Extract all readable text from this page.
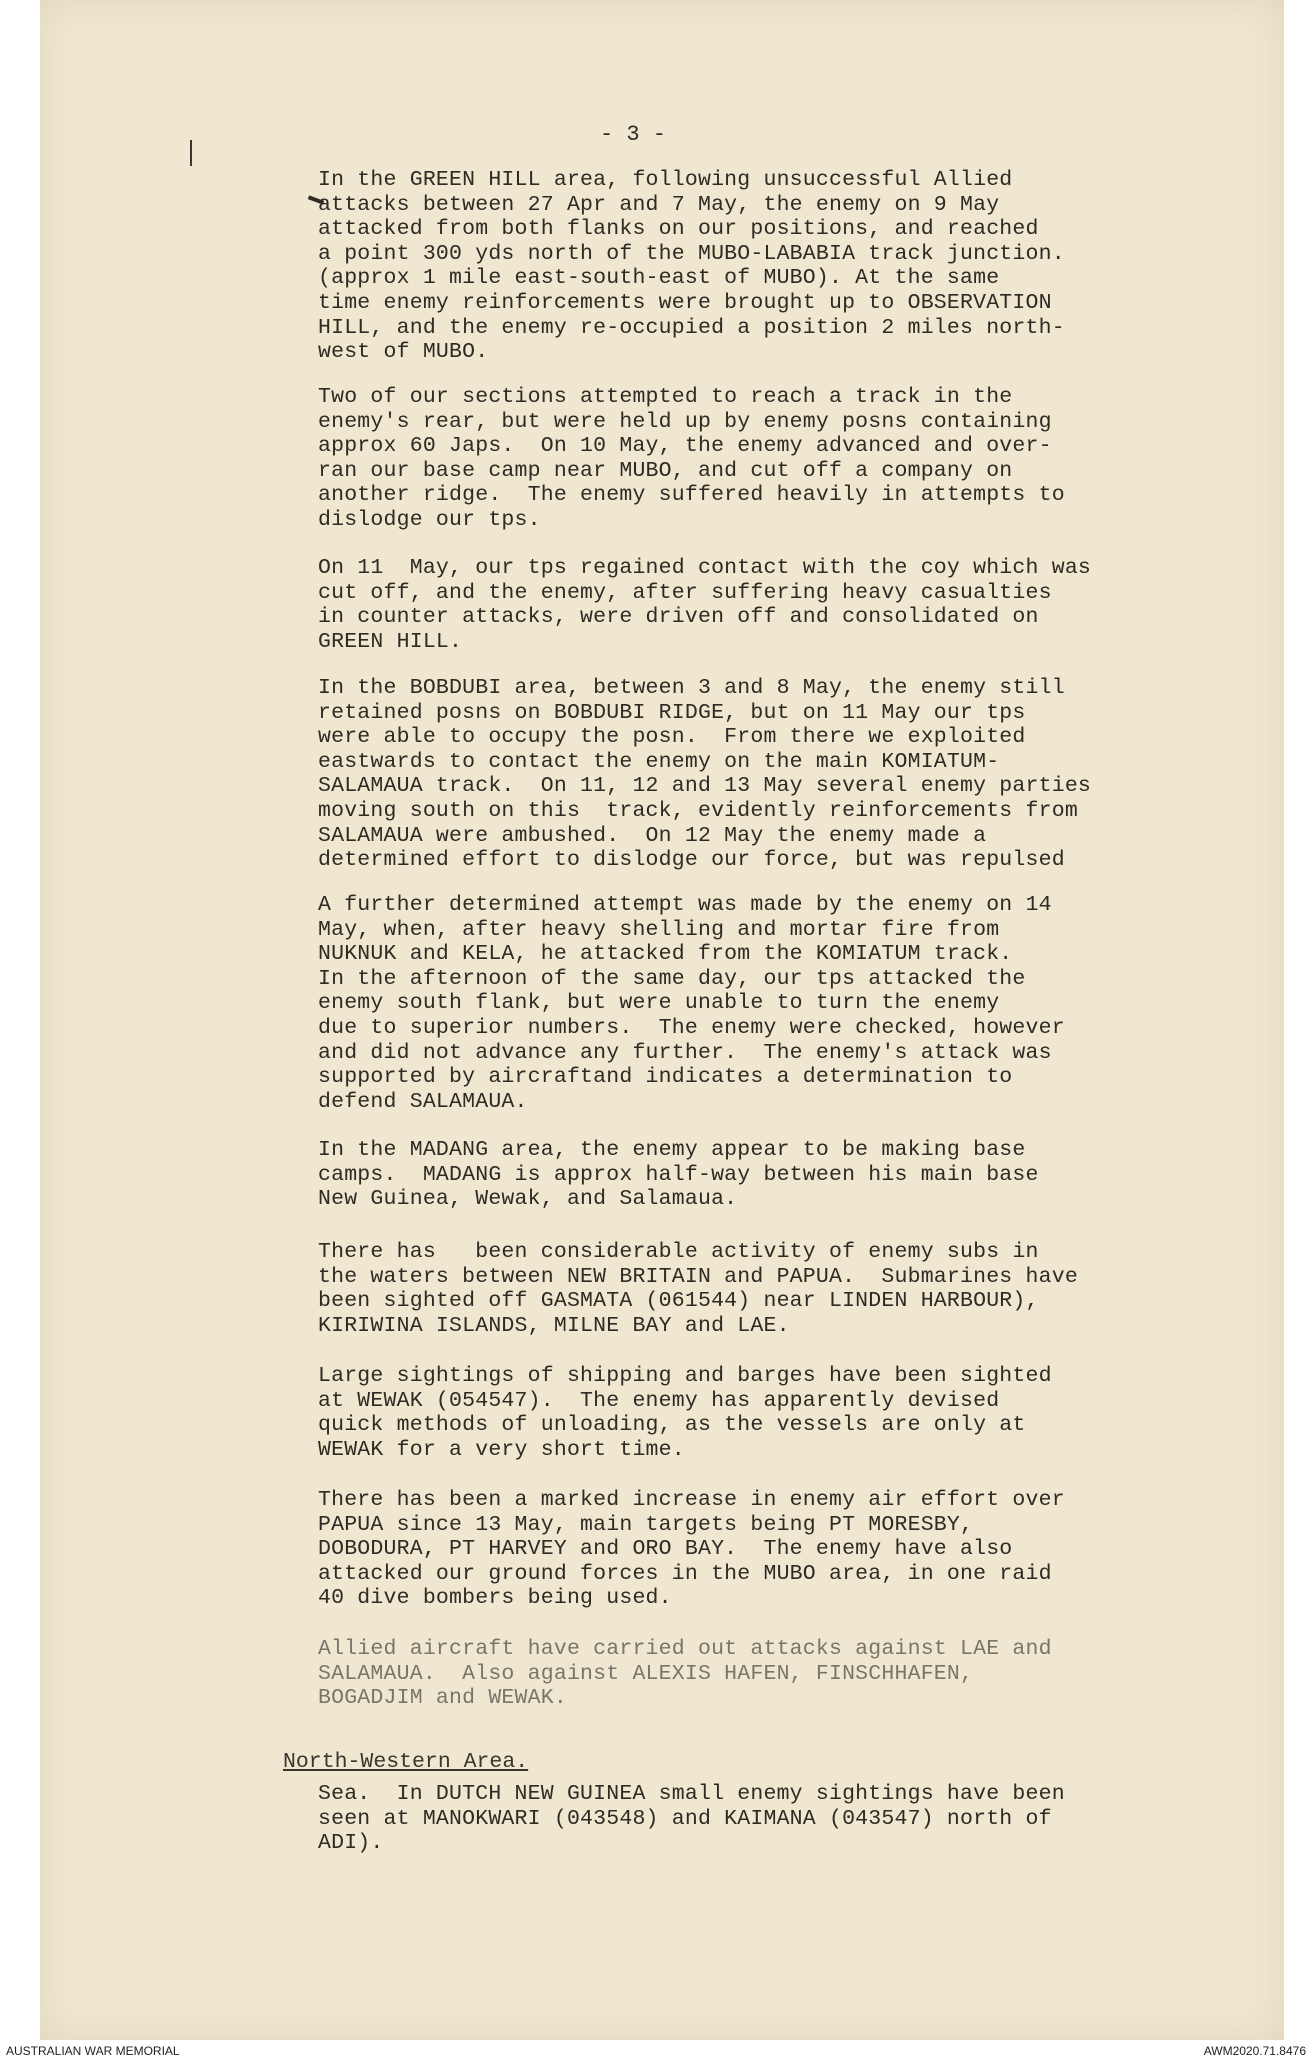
- 3 -
In the GREEN HILL area, following unsuccessful Allied
attacks between 27 Apr and 7 May, the enemy on 9 May
attacked from both flanks on our positions, and reached
a point 300 yds north of the MUBO-LABABIA track junction.
(approx 1 mile east-south-east of MUBO). At the same
time enemy reinforcements were brought up to OBSERVATION
HILL, and the enemy re-occupied a position 2 miles north-
west of MUBO.
Two of our sections attempted to reach a track in the
enemy's rear, but were held up by enemy posns containing
approx 60 Japs.  On 10 May, the enemy advanced and over-
ran our base camp near MUBO, and cut off a company on
another ridge.  The enemy suffered heavily in attempts to
dislodge our tps.
On 11  May, our tps regained contact with the coy which was
cut off, and the enemy, after suffering heavy casualties
in counter attacks, were driven off and consolidated on
GREEN HILL.
In the BOBDUBI area, between 3 and 8 May, the enemy still
retained posns on BOBDUBI RIDGE, but on 11 May our tps
were able to occupy the posn.  From there we exploited
eastwards to contact the enemy on the main KOMIATUM-
SALAMAUA track.  On 11, 12 and 13 May several enemy parties
moving south on this  track, evidently reinforcements from
SALAMAUA were ambushed.  On 12 May the enemy made a
determined effort to dislodge our force, but was repulsed
A further determined attempt was made by the enemy on 14
May, when, after heavy shelling and mortar fire from
NUKNUK and KELA, he attacked from the KOMIATUM track.
In the afternoon of the same day, our tps attacked the
enemy south flank, but were unable to turn the enemy
due to superior numbers.  The enemy were checked, however
and did not advance any further.  The enemy's attack was
supported by aircraftand indicates a determination to
defend SALAMAUA.
In the MADANG area, the enemy appear to be making base
camps.  MADANG is approx half-way between his main base
New Guinea, Wewak, and Salamaua.
There has   been considerable activity of enemy subs in
the waters between NEW BRITAIN and PAPUA.  Submarines have
been sighted off GASMATA (061544) near LINDEN HARBOUR),
KIRIWINA ISLANDS, MILNE BAY and LAE.
Large sightings of shipping and barges have been sighted
at WEWAK (054547).  The enemy has apparently devised
quick methods of unloading, as the vessels are only at
WEWAK for a very short time.
There has been a marked increase in enemy air effort over
PAPUA since 13 May, main targets being PT MORESBY,
DOBODURA, PT HARVEY and ORO BAY.  The enemy have also
attacked our ground forces in the MUBO area, in one raid
40 dive bombers being used.
Allied aircraft have carried out attacks against LAE and
SALAMAUA.  Also against ALEXIS HAFEN, FINSCHHAFEN,
BOGADJIM and WEWAK.
Sea.  In DUTCH NEW GUINEA small enemy sightings have been
seen at MANOKWARI (043548) and KAIMANA (043547) north of
ADI).
North-Western Area.
AUSTRALIAN WAR MEMORIAL	AWM2020.71.8476
